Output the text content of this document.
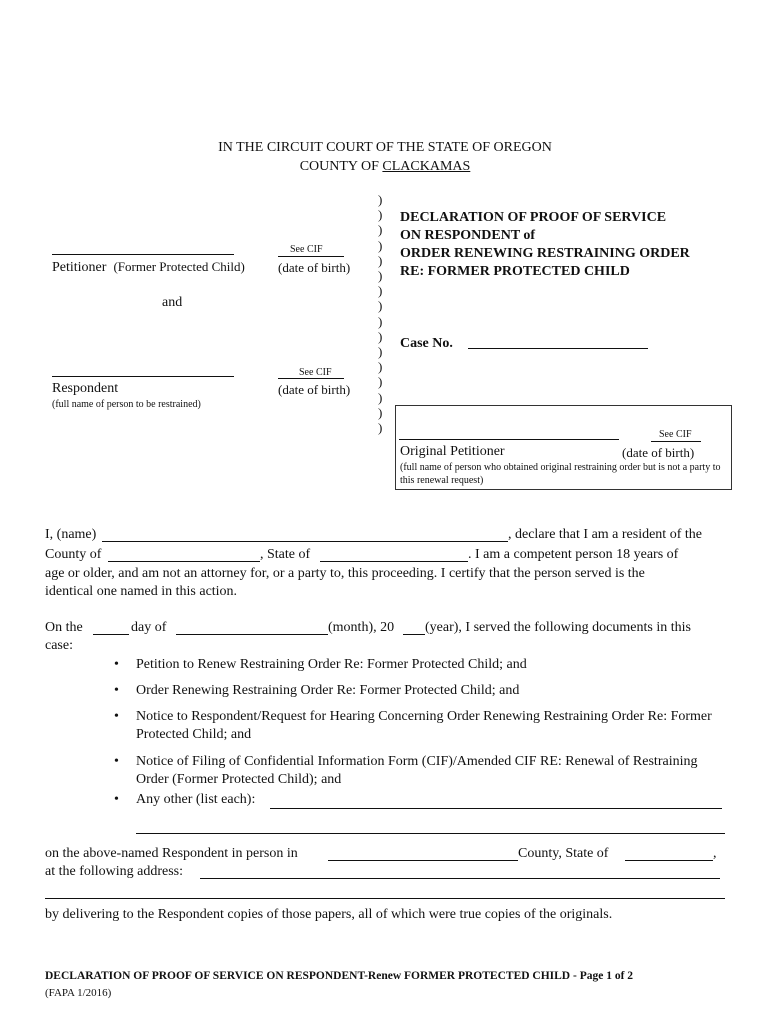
IN THE CIRCUIT COURT OF THE STATE OF OREGON
COUNTY OF CLACKAMAS
See CIF
Petitioner (Former Protected Child)	(date of birth)
and
See CIF
Respondent	(date of birth)
(full name of person to be restrained)
)
)
)
)
)
)
)
)
)
)
)
)
)
)
)
)
DECLARATION OF PROOF OF SERVICE
ON RESPONDENT of
ORDER RENEWING RESTRAINING ORDER
RE: FORMER PROTECTED CHILD
Case No.
See CIF
Original Petitioner	(date of birth)
(full name of person who obtained original restraining order but is not a party to this renewal request)
I, (name)	, declare that I am a resident of the
County of	, State of	. I am a competent person 18 years of
age or older, and am not an attorney for, or a party to, this proceeding. I certify that the person served is the
identical one named in this action.
On the	day of	(month), 20 (year), I served the following documents in this
case:
• Petition to Renew Restraining Order Re: Former Protected Child; and
• Order Renewing Restraining Order Re: Former Protected Child; and
• Notice to Respondent/Request for Hearing Concerning Order Renewing Restraining Order Re: Former Protected Child; and
• Notice of Filing of Confidential Information Form (CIF)/Amended CIF RE: Renewal of Restraining Order (Former Protected Child); and
• Any other (list each):
on the above-named Respondent in person in	County, State of	,
at the following address:
by delivering to the Respondent copies of those papers, all of which were true copies of the originals.
DECLARATION OF PROOF OF SERVICE ON RESPONDENT-Renew FORMER PROTECTED CHILD - Page 1 of 2
(FAPA 1/2016)
